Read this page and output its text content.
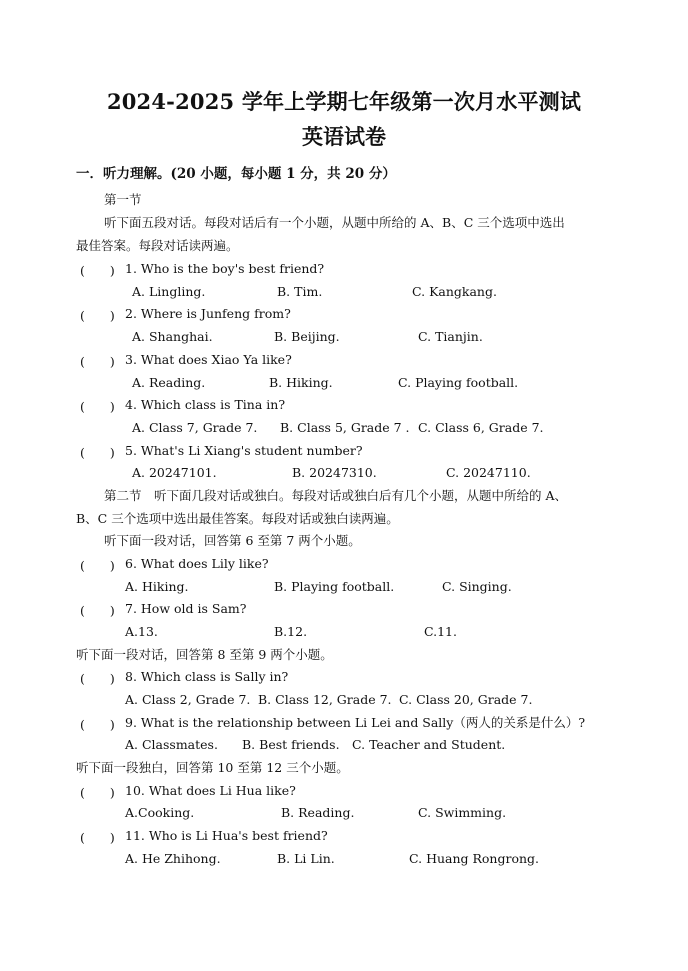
2024-2025 学年上学期七年级第一次月水平测试
英语试卷
一．听力理解。(20 小题，每小题 1 分，共 20 分）
第一节
听下面五段对话。每段对话后有一个小题，从题中所给的 A、B、C 三个选项中选出
最佳答案。每段对话读两遍。
(　　) 1. Who is the boy's best friend?
A. Lingling.	B. Tim.	C. Kangkang.
(　　) 2. Where is Junfeng from?
A. Shanghai.	B. Beijing.	C. Tianjin.
(　　) 3. What does Xiao Ya like?
A. Reading.	B. Hiking.	C. Playing football.
(　　) 4. Which class is Tina in?
A. Class 7, Grade 7. B. Class 5, Grade 7 . C. Class 6, Grade 7.
(　　) 5. What's Li Xiang's student number?
A. 20247101.	B. 20247310.	C. 20247110.
第二节　听下面几段对话或独白。每段对话或独白后有几个小题，从题中所给的 A、
B、C 三个选项中选出最佳答案。每段对话或独白读两遍。
听下面一段对话，回答第 6 至第 7 两个小题。
(　　) 6. What does Lily like?
A. Hiking.	B. Playing football.	C. Singing.
(　　) 7. How old is Sam?
A.13.	B.12.	C.11.
听下面一段对话，回答第 8 至第 9 两个小题。
(　　) 8. Which class is Sally in?
A. Class 2, Grade 7. B. Class 12, Grade 7. C. Class 20, Grade 7.
(　　) 9. What is the relationship between Li Lei and Sally（两人的关系是什么）?
A. Classmates. B. Best friends. C. Teacher and Student.
听下面一段独白，回答第 10 至第 12 三个小题。
(　　) 10. What does Li Hua like?
A.Cooking.	B. Reading.	C. Swimming.
(　　) 11. Who is Li Hua's best friend?
A. He Zhihong.	B. Li Lin.	C. Huang Rongrong.
